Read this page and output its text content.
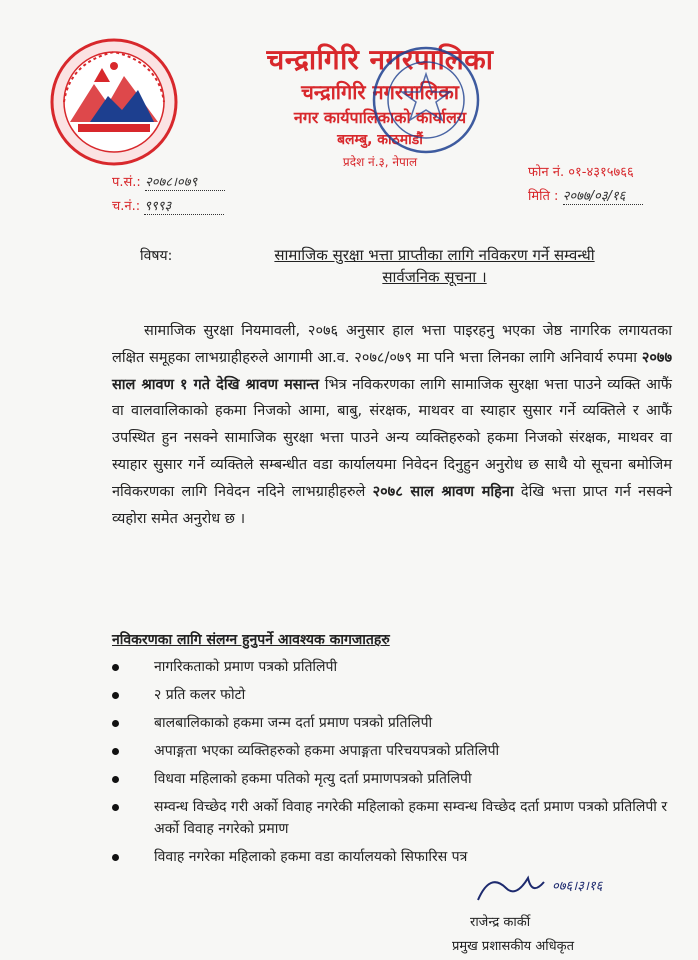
चन्द्रागिरि नगरपालिका
चन्द्रागिरि नगरपालिका
नगर कार्यपालिकाको कार्यालय
बलम्बु, काठमाडौं
प्रदेश नं.३, नेपाल
प.सं.: २०७८।०७९
च.नं.: ९९९३
फोन नं. ०१-४३१५७६६
मिति : २०७७/०३/१६
विषय:	सामाजिक सुरक्षा भत्ता प्राप्तीका लागि नविकरण गर्ने सम्वन्धी
सार्वजनिक सूचना ।
सामाजिक सुरक्षा नियमावली, २०७६ अनुसार हाल भत्ता पाइरहनु भएका जेष्ठ नागरिक लगायतका लक्षित समूहका लाभग्राहीहरुले आगामी आ.व. २०७८/०७९ मा पनि भत्ता लिनका लागि अनिवार्य रुपमा २०७७ साल श्रावण १ गते देखि श्रावण मसान्त भित्र नविकरणका लागि सामाजिक सुरक्षा भत्ता पाउने व्यक्ति आफैं वा वालवालिकाको हकमा निजको आमा, बाबु, संरक्षक, माथवर वा स्याहार सुसार गर्ने व्यक्तिले र आफैं उपस्थित हुन नसक्ने सामाजिक सुरक्षा भत्ता पाउने अन्य व्यक्तिहरुको हकमा निजको संरक्षक, माथवर वा स्याहार सुसार गर्ने व्यक्तिले सम्बन्धीत वडा कार्यालयमा निवेदन दिनुहुन अनुरोध छ साथै यो सूचना बमोजिम नविकरणका लागि निवेदन नदिने लाभग्राहीहरुले २०७८ साल श्रावण महिना देखि भत्ता प्राप्त गर्न नसक्ने व्यहोरा समेत अनुरोध छ ।
नविकरणका लागि संलग्न हुनुपर्ने आवश्यक कागजातहरु
नागरिकताको प्रमाण पत्रको प्रतिलिपी
२ प्रति कलर फोटो
बालबालिकाको हकमा जन्म दर्ता प्रमाण पत्रको प्रतिलिपी
अपाङ्गता भएका व्यक्तिहरुको हकमा अपाङ्गता परिचयपत्रको प्रतिलिपी
विधवा महिलाको हकमा पतिको मृत्यु दर्ता प्रमाणपत्रको प्रतिलिपी
सम्वन्ध विच्छेद गरी अर्को विवाह नगरेकी महिलाको हकमा सम्वन्ध विच्छेद दर्ता प्रमाण पत्रको प्रतिलिपी र अर्को विवाह नगरेको प्रमाण
विवाह नगरेका महिलाको हकमा वडा कार्यालयको सिफारिस पत्र
०७६।३।१६
राजेन्द्र कार्की
प्रमुख प्रशासकीय अधिकृत
